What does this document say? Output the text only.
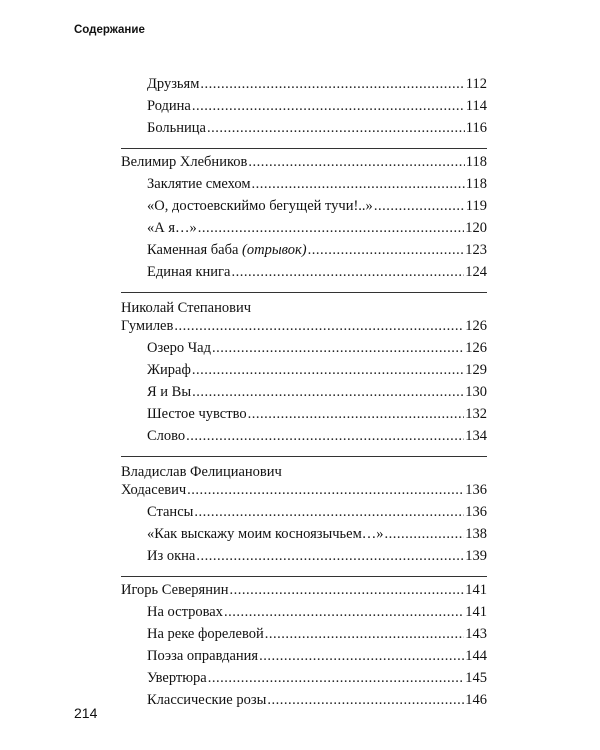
Содержание
Друзьям .....	112
Родина .....	114
Больница .....	116
Велимир Хлебников .....	118
Заклятие смехом .....	118
«О, достоевскиймо бегущей тучи!..» .....	119
«А я…» .....	120
Каменная баба (отрывок) .....	123
Единая книга .....	124
Николай Степанович
Гумилев .....	126
Озеро Чад .....	126
Жираф .....	129
Я и Вы .....	130
Шестое чувство .....	132
Слово .....	134
Владислав Фелицианович
Ходасевич .....	136
Стансы .....	136
«Как выскажу моим косноязычьем…» .....	138
Из окна .....	139
Игорь Северянин .....	141
На островах .....	141
На реке форелевой .....	143
Поэза оправдания .....	144
Увертюра .....	145
Классические розы .....	146
214
